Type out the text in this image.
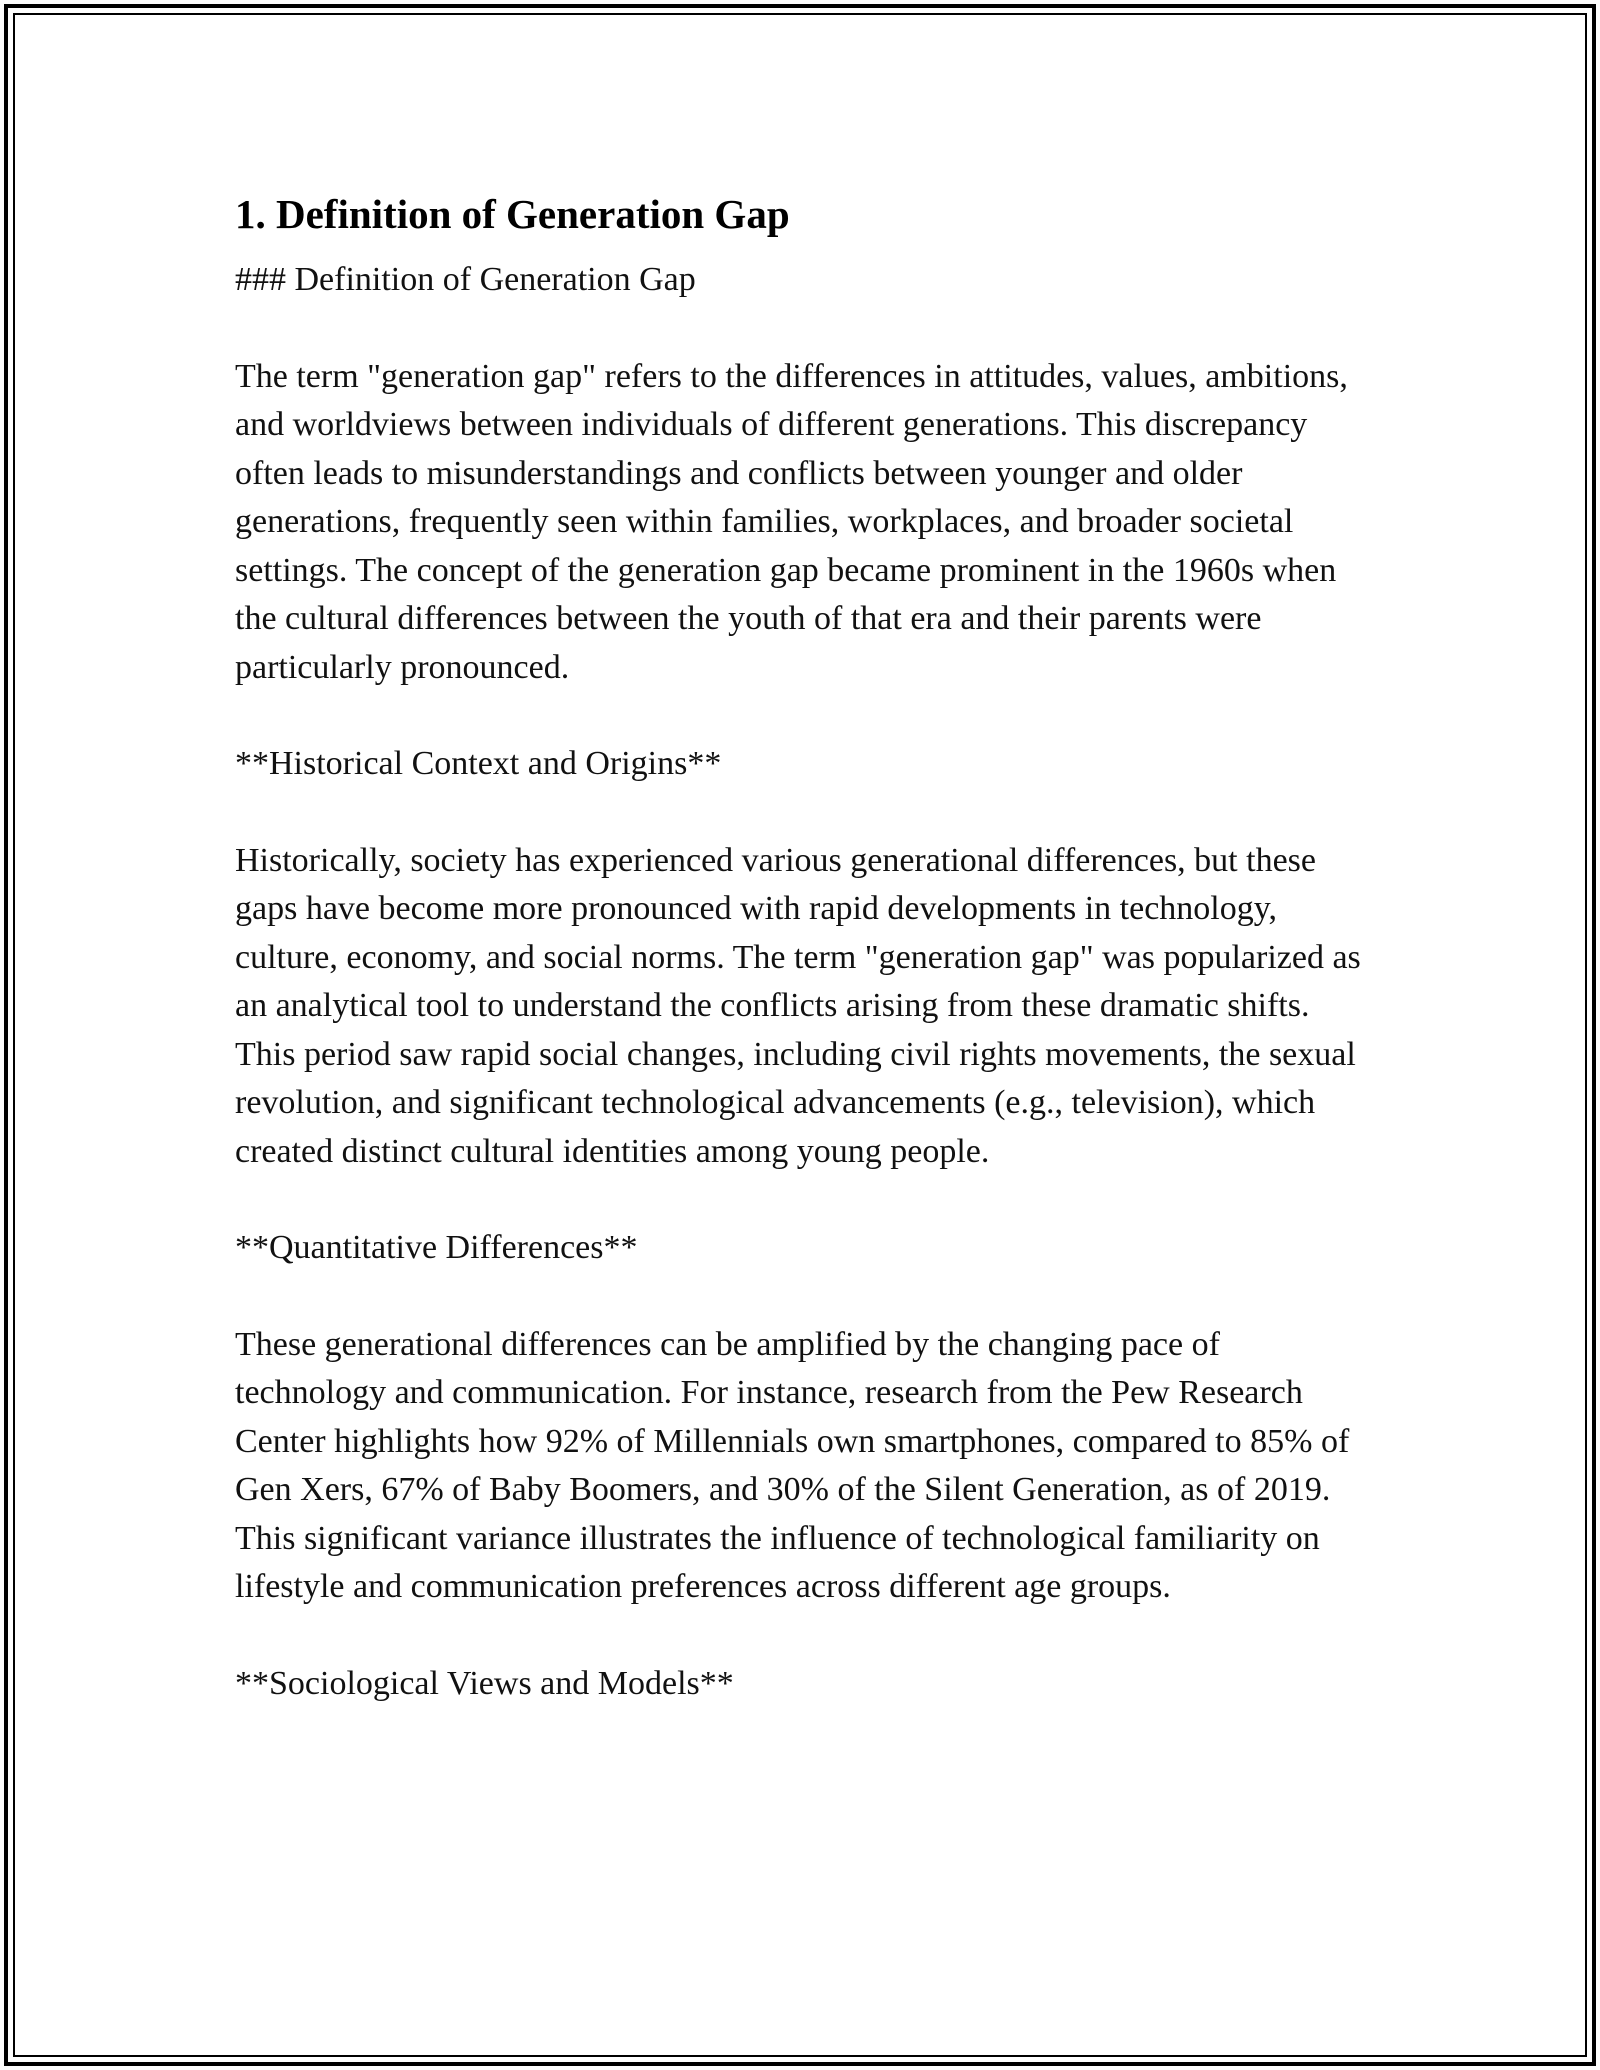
1. Definition of Generation Gap

### Definition of Generation Gap

The term "generation gap" refers to the differences in attitudes, values, ambitions, and worldviews between individuals of different generations. This discrepancy often leads to misunderstandings and conflicts between younger and older generations, frequently seen within families, workplaces, and broader societal settings. The concept of the generation gap became prominent in the 1960s when the cultural differences between the youth of that era and their parents were particularly pronounced.

**Historical Context and Origins**

Historically, society has experienced various generational differences, but these gaps have become more pronounced with rapid developments in technology, culture, economy, and social norms. The term "generation gap" was popularized as an analytical tool to understand the conflicts arising from these dramatic shifts. This period saw rapid social changes, including civil rights movements, the sexual revolution, and significant technological advancements (e.g., television), which created distinct cultural identities among young people.

**Quantitative Differences**

These generational differences can be amplified by the changing pace of technology and communication. For instance, research from the Pew Research Center highlights how 92% of Millennials own smartphones, compared to 85% of Gen Xers, 67% of Baby Boomers, and 30% of the Silent Generation, as of 2019. This significant variance illustrates the influence of technological familiarity on lifestyle and communication preferences across different age groups.

**Sociological Views and Models**
